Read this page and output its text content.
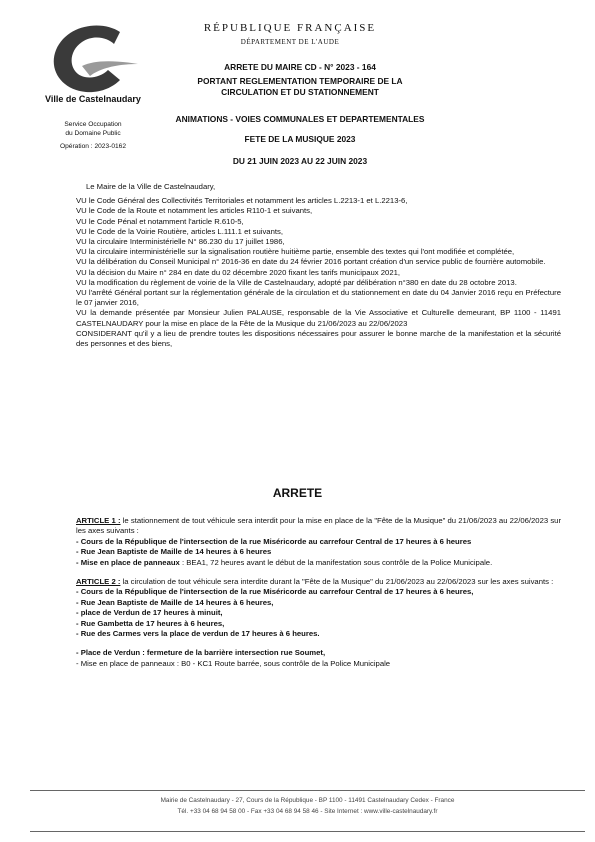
Ville de Castelnaudary
Service Occupation
du Domaine Public
Opération : 2023-0162
RÉPUBLIQUE FRANÇAISE
DÉPARTEMENT DE L'AUDE
ARRETE DU MAIRE CD - N° 2023 - 164
PORTANT REGLEMENTATION TEMPORAIRE DE LA CIRCULATION ET DU STATIONNEMENT
ANIMATIONS - VOIES COMMUNALES ET DEPARTEMENTALES
FETE DE LA MUSIQUE 2023
DU 21 JUIN 2023 AU 22 JUIN 2023

Le Maire de la Ville de Castelnaudary,

VU le Code Général des Collectivités Territoriales et notamment les articles L.2213-1 et L.2213-6,

VU le Code de la Route et notamment les articles R110-1 et suivants,

VU le Code Pénal et notamment l'article R.610-5,

VU le Code de la Voirie Routière, articles L.111.1 et suivants,

VU la circulaire Interministérielle N° 86.230 du 17 juillet 1986,

VU la circulaire interministérielle sur la signalisation routière huitième partie, ensemble des textes qui l'ont modifiée et complétée,

VU la délibération du Conseil Municipal n° 2016-36 en date du 24 février 2016 portant création d'un service public de fourrière automobile.

VU la décision du Maire n° 284 en date du 02 décembre 2020 fixant les tarifs municipaux 2021,

VU la modification du règlement de voirie de la Ville de Castelnaudary, adopté par délibération n°380 en date du 28 octobre 2013.

VU l'arrêté Général portant sur la réglementation générale de la circulation et du stationnement en date du 04 Janvier 2016 reçu en Préfecture le 07 janvier 2016,

VU la demande présentée par Monsieur Julien PALAUSE, responsable de la Vie Associative et Culturelle demeurant, BP 1100 - 11491 CASTELNAUDARY pour la mise en place de la Fête de la Musique du 21/06/2023 au 22/06/2023

CONSIDERANT qu'il y a lieu de prendre toutes les dispositions nécessaires pour assurer le bonne marche de la manifestation et la sécurité des personnes et des biens,

ARRETE

ARTICLE 1 : le stationnement de tout véhicule sera interdit pour la mise en place de la "Fête de la Musique" du 21/06/2023 au 22/06/2023 sur les axes suivants :

- Cours de la République de l'intersection de la rue Miséricorde au carrefour Central de 17 heures à 6 heures

- Rue Jean Baptiste de Maille de 14 heures à 6 heures

- Mise en place de panneaux : BEA1, 72 heures avant le début de la manifestation sous contrôle de la Police Municipale.

ARTICLE 2 : la circulation de tout véhicule sera interdite durant la "Fête de la Musique" du 21/06/2023 au 22/06/2023 sur les axes suivants :

- Cours de la République de l'intersection de la rue Miséricorde au carrefour Central de 17 heures à 6 heures,

- Rue Jean Baptiste de Maille de 14 heures à 6 heures,

- place de Verdun de 17 heures à minuit,

- Rue Gambetta de 17 heures à 6 heures,

- Rue des Carmes vers la place de verdun de 17 heures à 6 heures.

- Place de Verdun : fermeture de la barrière intersection rue Soumet,

- Mise en place de panneaux : B0 - KC1 Route barrée, sous contrôle de la Police Municipale

Mairie de Castelnaudary - 27, Cours de la République - BP 1100 - 11491 Castelnaudary Cedex - France
Tél. +33 04 68 94 58 00 - Fax +33 04 68 94 58 46 - Site Internet : www.ville-castelnaudary.fr
